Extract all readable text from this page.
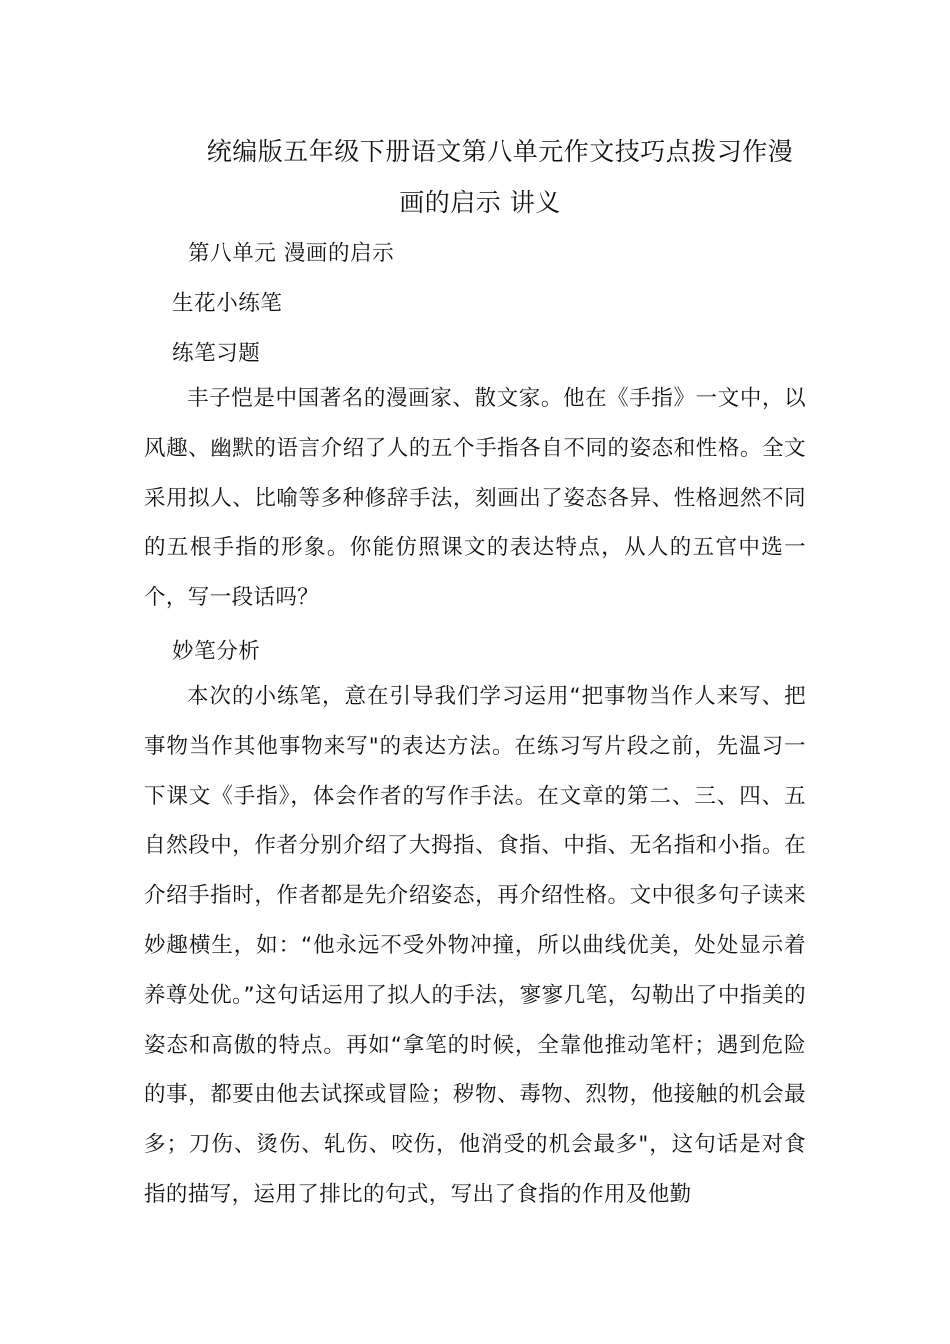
统编版五年级下册语文第八单元作文技巧点拨习作漫
画的启示 讲义

第八单元 漫画的启示

生花小练笔

练笔习题

丰子恺是中国著名的漫画家、散文家。他在《手指》一文中，以风趣、幽默的语言介绍了人的五个手指各自不同的姿态和性格。全文采用拟人、比喻等多种修辞手法，刻画出了姿态各异、性格迥然不同的五根手指的形象。你能仿照课文的表达特点，从人的五官中选一个，写一段话吗？

妙笔分析

本次的小练笔，意在引导我们学习运用“把事物当作人来写、把事物当作其他事物来写"的表达方法。在练习写片段之前，先温习一下课文《手指》，体会作者的写作手法。在文章的第二、三、四、五自然段中，作者分别介绍了大拇指、食指、中指、无名指和小指。在介绍手指时，作者都是先介绍姿态，再介绍性格。文中很多句子读来妙趣横生，如：“他永远不受外物冲撞，所以曲线优美，处处显示着养尊处优。”这句话运用了拟人的手法，寥寥几笔，勾勒出了中指美的姿态和高傲的特点。再如“拿笔的时候，全靠他推动笔杆；遇到危险的事，都要由他去试探或冒险；秽物、毒物、烈物，他接触的机会最多；刀伤、烫伤、轧伤、咬伤，他消受的机会最多"，这句话是对食指的描写，运用了排比的句式，写出了食指的作用及他勤
